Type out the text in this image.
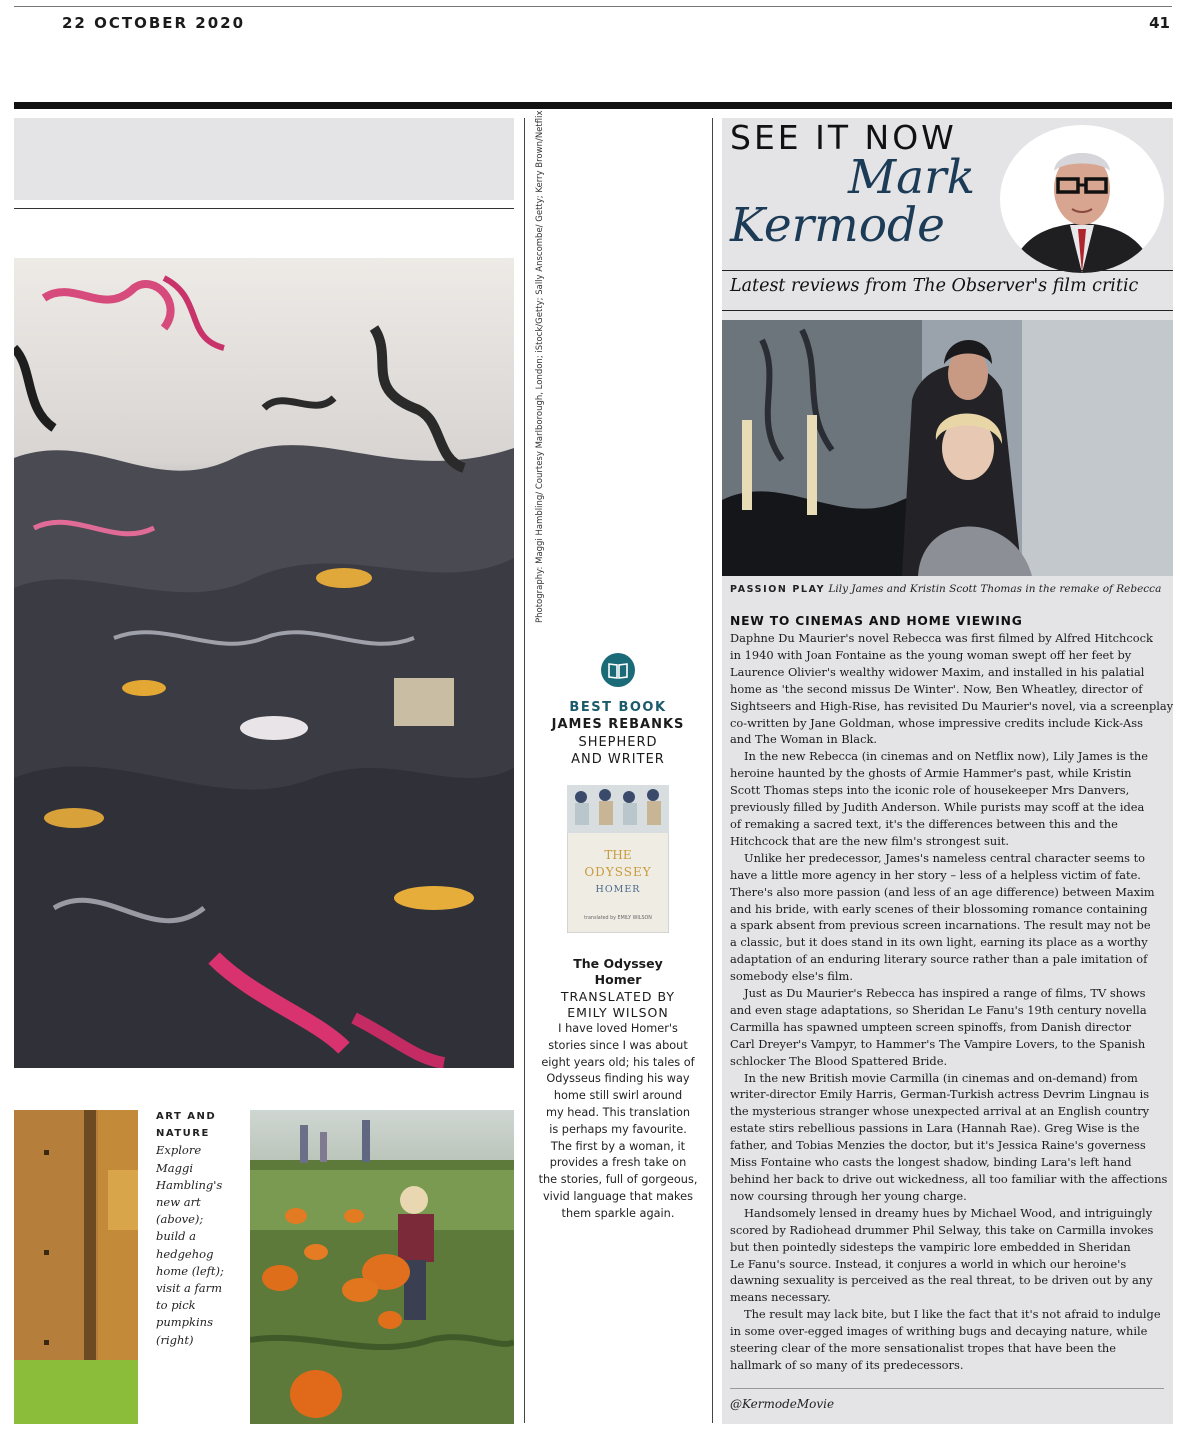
22 OCTOBER 2020	41
Photography: Maggi Hambling/ Courtesy Marlborough, London; iStock/Getty; Sally Anscombe/ Getty; Kerry Brown/Netflix
ART AND
NATURE
Explore
Maggi
Hambling's
new art
(above);
build a
hedgehog
home (left);
visit a farm
to pick
pumpkins
(right)
BEST BOOK
JAMES REBANKS
SHEPHERD
AND WRITER
THE
ODYSSEY
HOMER
translated by EMILY WILSON
The Odyssey
Homer
TRANSLATED BY
EMILY WILSON
I have loved Homer's
stories since I was about
eight years old; his tales of
Odysseus finding his way
home still swirl around
my head. This translation
is perhaps my favourite.
The first by a woman, it
provides a fresh take on
the stories, full of gorgeous,
vivid language that makes
them sparkle again.
SEE IT NOW
Mark
Kermode
Latest reviews from The Observer's film critic
PASSION PLAY Lily James and Kristin Scott Thomas in the remake of Rebecca
NEW TO CINEMAS AND HOME VIEWING
Daphne Du Maurier's novel Rebecca was first filmed by Alfred Hitchcock
in 1940 with Joan Fontaine as the young woman swept off her feet by
Laurence Olivier's wealthy widower Maxim, and installed in his palatial
home as 'the second missus De Winter'. Now, Ben Wheatley, director of
Sightseers and High-Rise, has revisited Du Maurier's novel, via a screenplay
co-written by Jane Goldman, whose impressive credits include Kick-Ass
and The Woman in Black.
In the new Rebecca (in cinemas and on Netflix now), Lily James is the
heroine haunted by the ghosts of Armie Hammer's past, while Kristin
Scott Thomas steps into the iconic role of housekeeper Mrs Danvers,
previously filled by Judith Anderson. While purists may scoff at the idea
of remaking a sacred text, it's the differences between this and the
Hitchcock that are the new film's strongest suit.
Unlike her predecessor, James's nameless central character seems to
have a little more agency in her story – less of a helpless victim of fate.
There's also more passion (and less of an age difference) between Maxim
and his bride, with early scenes of their blossoming romance containing
a spark absent from previous screen incarnations. The result may not be
a classic, but it does stand in its own light, earning its place as a worthy
adaptation of an enduring literary source rather than a pale imitation of
somebody else's film.
Just as Du Maurier's Rebecca has inspired a range of films, TV shows
and even stage adaptations, so Sheridan Le Fanu's 19th century novella
Carmilla has spawned umpteen screen spinoffs, from Danish director
Carl Dreyer's Vampyr, to Hammer's The Vampire Lovers, to the Spanish
schlocker The Blood Spattered Bride.
In the new British movie Carmilla (in cinemas and on-demand) from
writer-director Emily Harris, German-Turkish actress Devrim Lingnau is
the mysterious stranger whose unexpected arrival at an English country
estate stirs rebellious passions in Lara (Hannah Rae). Greg Wise is the
father, and Tobias Menzies the doctor, but it's Jessica Raine's governess
Miss Fontaine who casts the longest shadow, binding Lara's left hand
behind her back to drive out wickedness, all too familiar with the affections
now coursing through her young charge.
Handsomely lensed in dreamy hues by Michael Wood, and intriguingly
scored by Radiohead drummer Phil Selway, this take on Carmilla invokes
but then pointedly sidesteps the vampiric lore embedded in Sheridan
Le Fanu's source. Instead, it conjures a world in which our heroine's
dawning sexuality is perceived as the real threat, to be driven out by any
means necessary.
The result may lack bite, but I like the fact that it's not afraid to indulge
in some over-egged images of writhing bugs and decaying nature, while
steering clear of the more sensationalist tropes that have been the
hallmark of so many of its predecessors.
@KermodeMovie
